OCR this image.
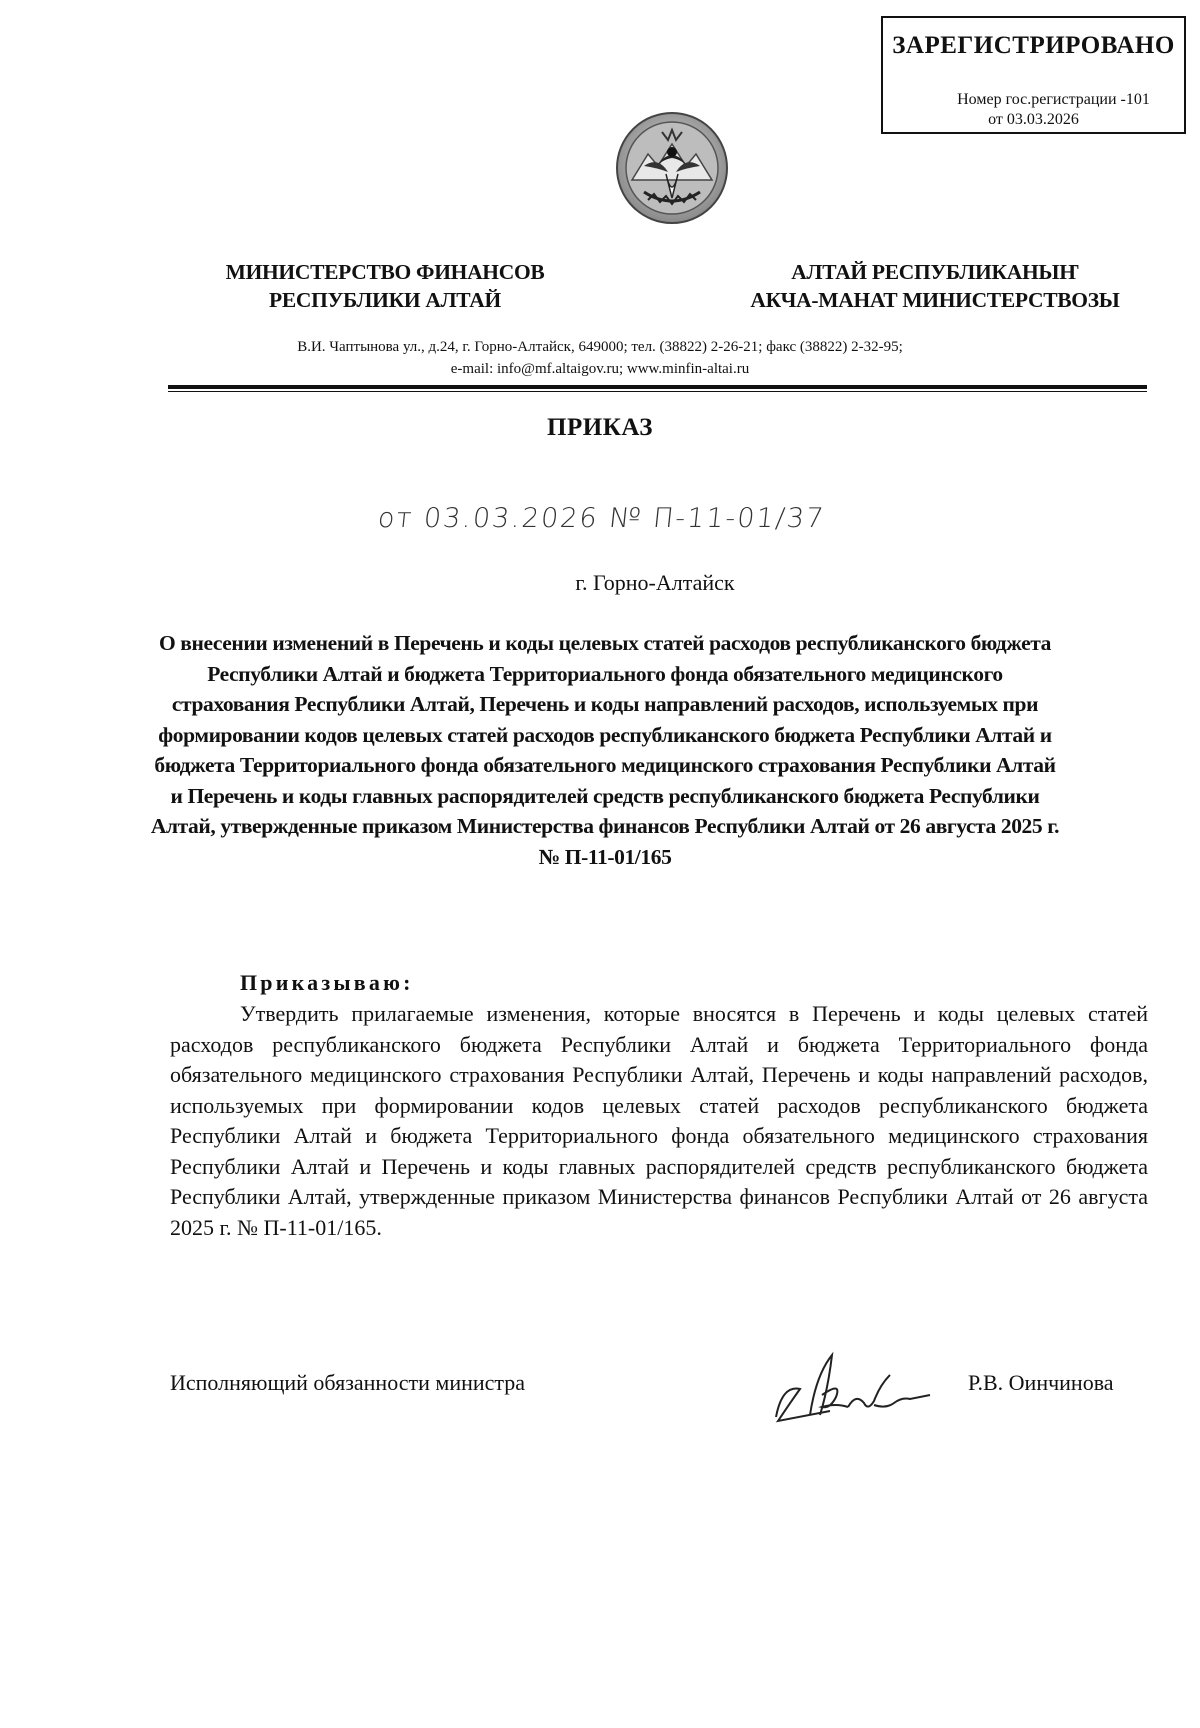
ЗАРЕГИСТРИРОВАНО
Номер гос.регистрации -101
от 03.03.2026
МИНИСТЕРСТВО ФИНАНСОВ
РЕСПУБЛИКИ АЛТАЙ
АЛТАЙ РЕСПУБЛИКАНЫҤ
АКЧА-МАНАТ МИНИСТЕРСТВОЗЫ
В.И. Чаптынова ул., д.24, г. Горно-Алтайск, 649000; тел. (38822) 2-26-21; факс (38822) 2-32-95;
e-mail: info@mf.altaigov.ru; www.minfin-altai.ru
ПРИКАЗ
от 03.03.2026 № П-11-01/37
г. Горно-Алтайск
О внесении изменений в Перечень и коды целевых статей расходов республиканского бюджета Республики Алтай и бюджета Территориального фонда обязательного медицинского страхования Республики Алтай, Перечень и коды направлений расходов, используемых при формировании кодов целевых статей расходов республиканского бюджета Республики Алтай и бюджета Территориального фонда обязательного медицинского страхования Республики Алтай и Перечень и коды главных распорядителей средств республиканского бюджета Республики Алтай, утвержденные приказом Министерства финансов Республики Алтай от 26 августа 2025 г. № П-11-01/165
Приказываю:
Утвердить прилагаемые изменения, которые вносятся в Перечень и коды целевых статей расходов республиканского бюджета Республики Алтай и бюджета Территориального фонда обязательного медицинского страхования Республики Алтай, Перечень и коды направлений расходов, используемых при формировании кодов целевых статей расходов республиканского бюджета Республики Алтай и бюджета Территориального фонда обязательного медицинского страхования Республики Алтай и Перечень и коды главных распорядителей средств республиканского бюджета Республики Алтай, утвержденные приказом Министерства финансов Республики Алтай от 26 августа 2025 г. № П-11-01/165.
Исполняющий обязанности министра	Р.В. Оинчинова
